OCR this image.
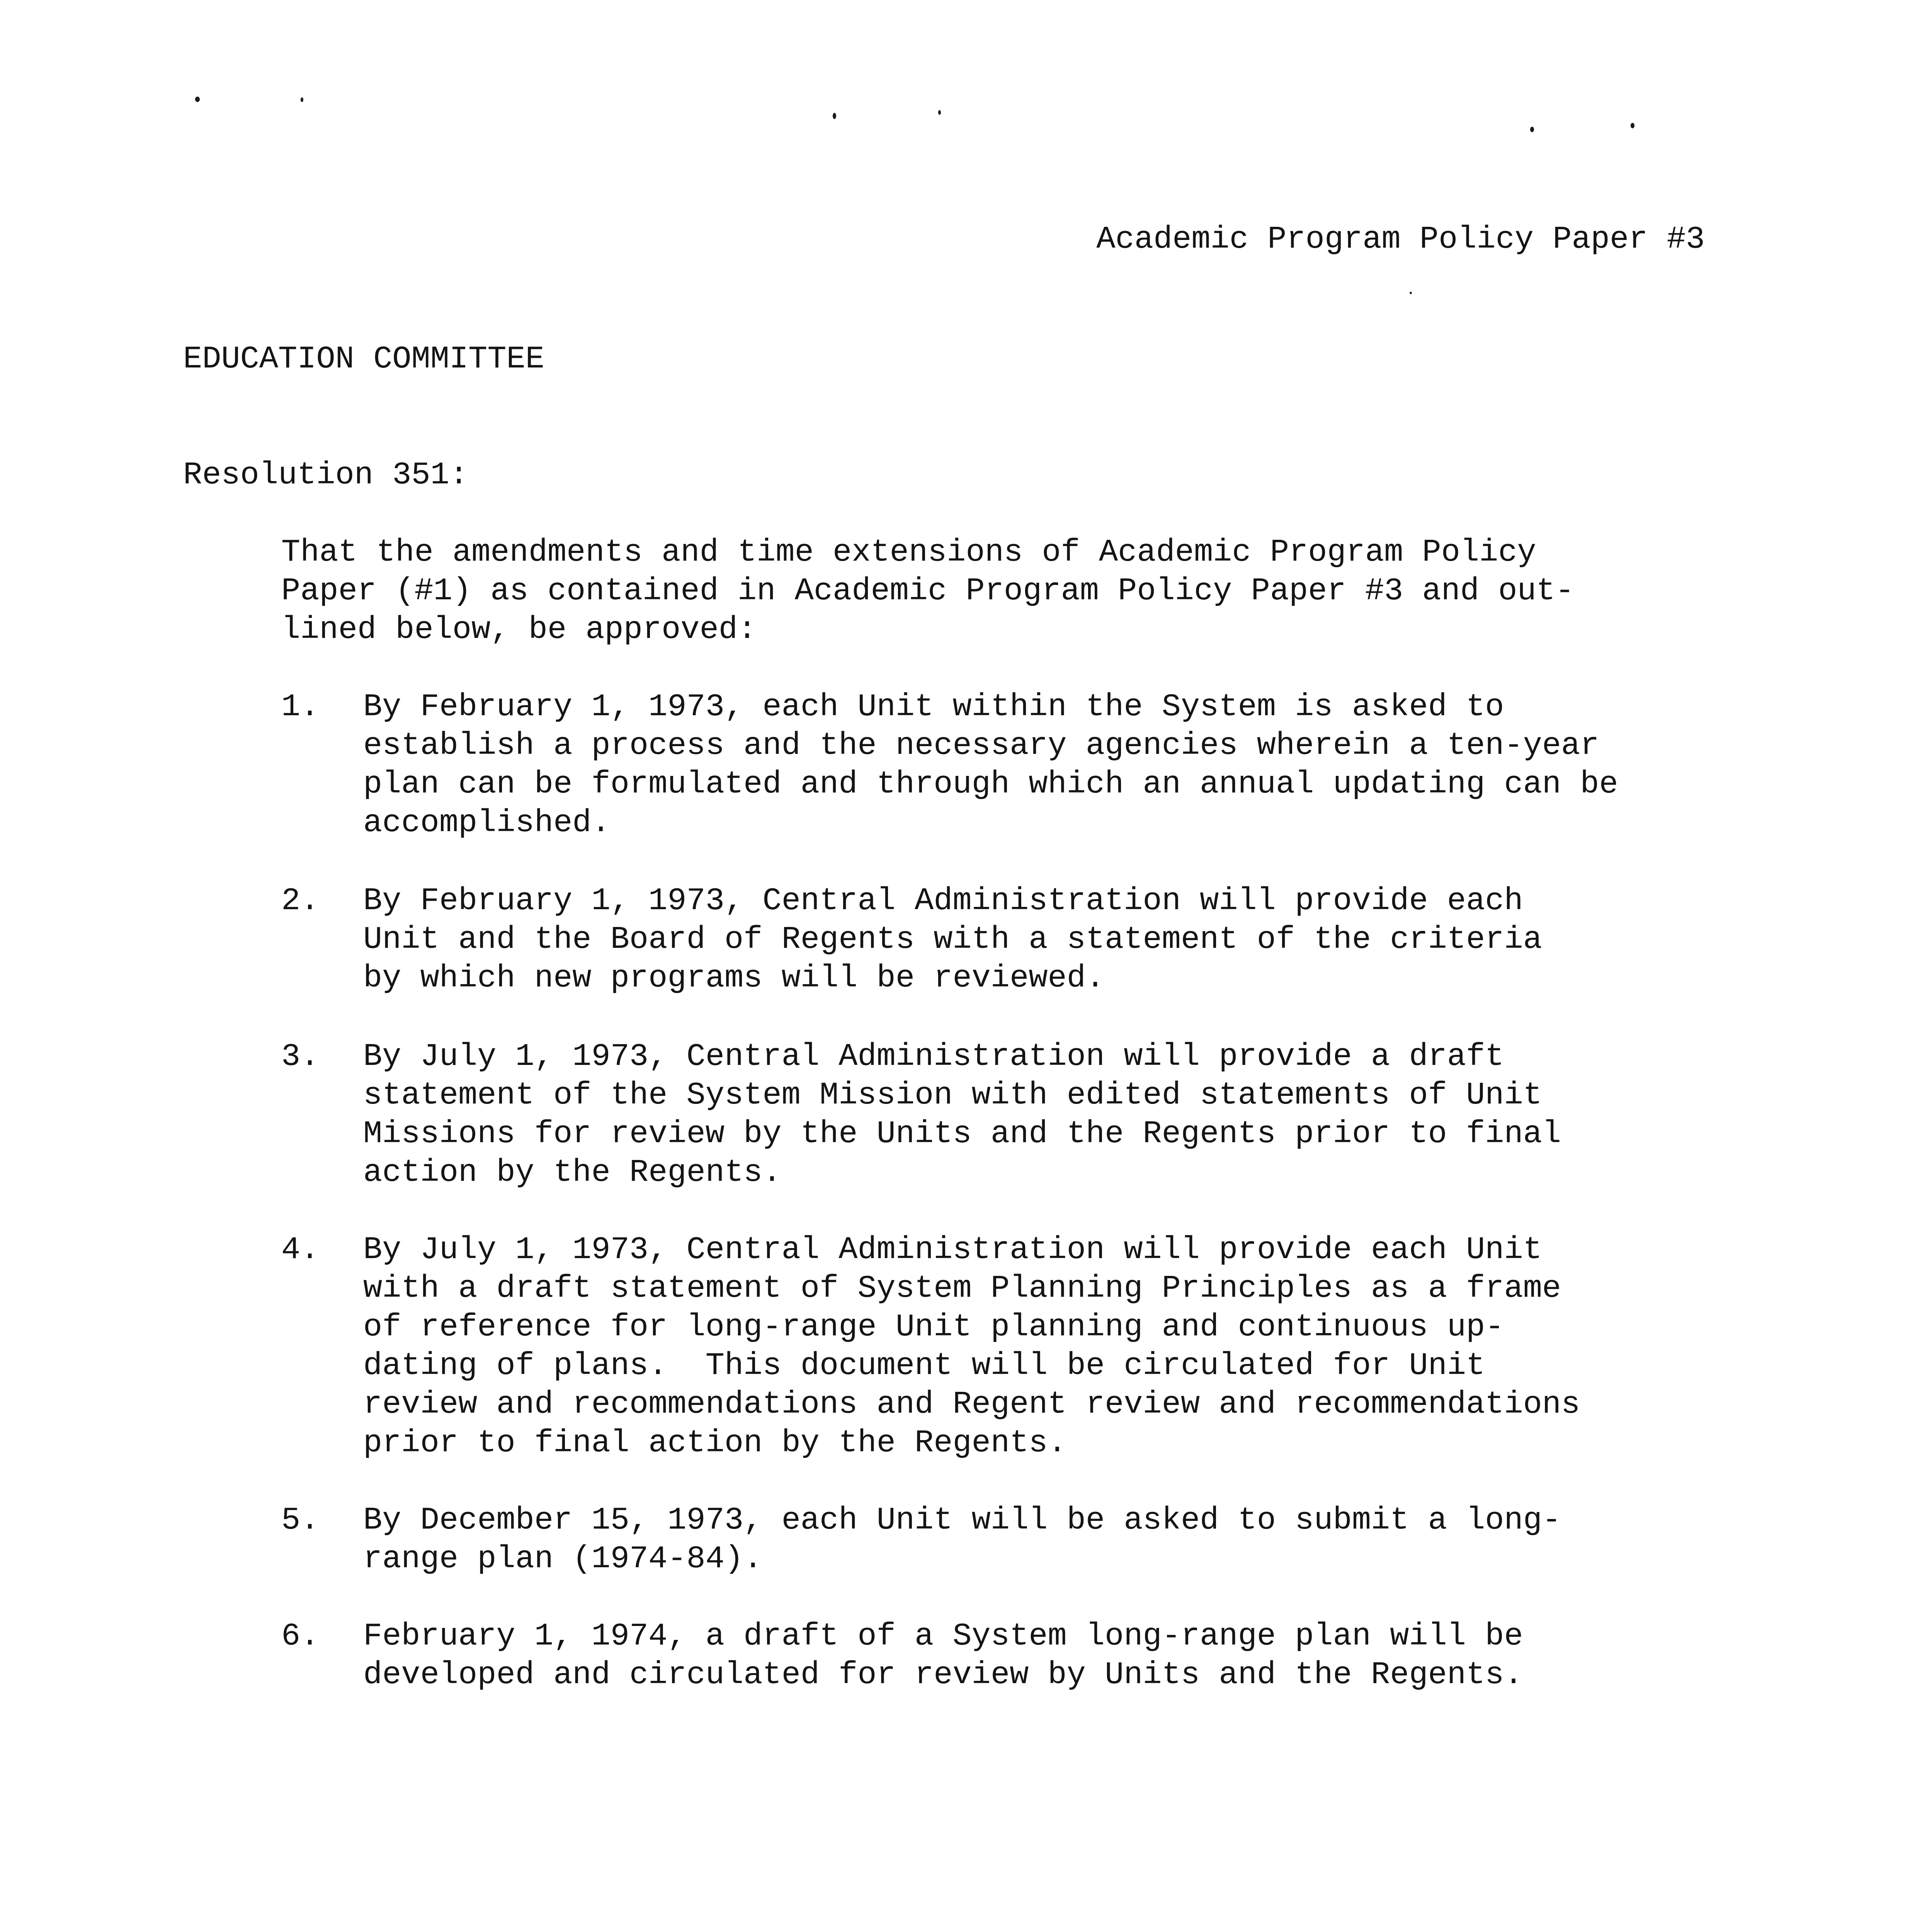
Academic Program Policy Paper #3
EDUCATION COMMITTEE
Resolution 351:
That the amendments and time extensions of Academic Program Policy
Paper (#1) as contained in Academic Program Policy Paper #3 and out-
lined below, be approved:
1.	By February 1, 1973, each Unit within the System is asked to
establish a process and the necessary agencies wherein a ten-year
plan can be formulated and through which an annual updating can be
accomplished.
2.	By February 1, 1973, Central Administration will provide each
Unit and the Board of Regents with a statement of the criteria
by which new programs will be reviewed.
3.	By July 1, 1973, Central Administration will provide a draft
statement of the System Mission with edited statements of Unit
Missions for review by the Units and the Regents prior to final
action by the Regents.
4.	By July 1, 1973, Central Administration will provide each Unit
with a draft statement of System Planning Principles as a frame
of reference for long-range Unit planning and continuous up-
dating of plans.  This document will be circulated for Unit
review and recommendations and Regent review and recommendations
prior to final action by the Regents.
5.	By December 15, 1973, each Unit will be asked to submit a long-
range plan (1974-84).
6.	February 1, 1974, a draft of a System long-range plan will be
developed and circulated for review by Units and the Regents.
